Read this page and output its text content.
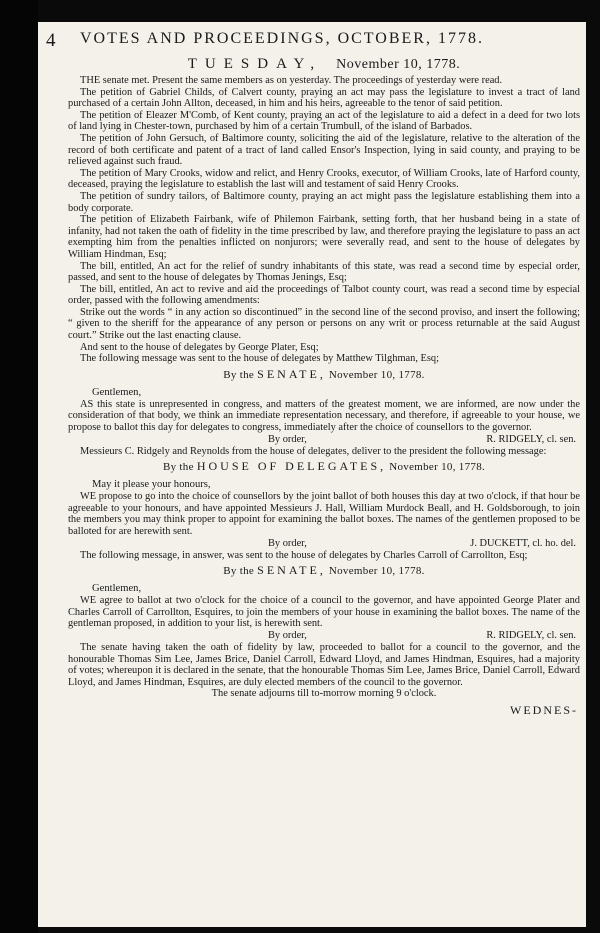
4 VOTES AND PROCEEDINGS, OCTOBER, 1778.
TUESDAY, November 10, 1778.

THE senate met. Present the same members as on yesterday. The proceedings of yesterday were read.

The petition of Gabriel Childs, of Calvert county, praying an act may pass the legislature to invest a tract of land purchased of a certain John Allton, deceased, in him and his heirs, agreeable to the tenor of said petition.

The petition of Eleazer M'Comb, of Kent county, praying an act of the legislature to aid a defect in a deed for two lots of land lying in Chester-town, purchased by him of a certain Trumbull, of the island of Barbados.

The petition of John Gersuch, of Baltimore county, soliciting the aid of the legislature, relative to the alteration of the record of both certificate and patent of a tract of land called Ensor's Inspection, lying in said county, and praying to be relieved against such fraud.

The petition of Mary Crooks, widow and relict, and Henry Crooks, executor, of William Crooks, late of Harford county, deceased, praying the legislature to establish the last will and testament of said Henry Crooks.

The petition of sundry tailors, of Baltimore county, praying an act might pass the legislature establishing them into a body corporate.

The petition of Elizabeth Fairbank, wife of Philemon Fairbank, setting forth, that her husband being in a state of infanity, had not taken the oath of fidelity in the time prescribed by law, and therefore praying the legislature to pass an act exempting him from the penalties inflicted on nonjurors; were severally read, and sent to the house of delegates by William Hindman, Esq;

The bill, entitled, An act for the relief of sundry inhabitants of this state, was read a second time by especial order, passed, and sent to the house of delegates by Thomas Jenings, Esq;

The bill, entitled, An act to revive and aid the proceedings of Talbot county court, was read a second time by especial order, passed with the following amendments:

Strike out the words “ in any action so discontinued” in the second line of the second proviso, and insert the following; “ given to the sheriff for the appearance of any person or persons on any writ or process returnable at the said August court.” Strike out the last enacting clause.

And sent to the house of delegates by George Plater, Esq;

The following message was sent to the house of delegates by Matthew Tilghman, Esq;

By the SENATE, November 10, 1778.
Gentlemen,

AS this state is unrepresented in congress, and matters of the greatest moment, we are informed, are now under the consideration of that body, we think an immediate representation necessary, and therefore, if agreeable to your house, we propose to ballot this day for delegates to congress, immediately after the choice of counsellors to the governor.

By order,	R. RIDGELY, cl. sen.

Messieurs C. Ridgely and Reynolds from the house of delegates, deliver to the president the following message:

By the HOUSE OF DELEGATES, November 10, 1778.
May it please your honours,

WE propose to go into the choice of counsellors by the joint ballot of both houses this day at two o'clock, if that hour be agreeable to your honours, and have appointed Messieurs J. Hall, William Murdock Beall, and H. Goldsborough, to join the members you may think proper to appoint for examining the ballot boxes. The names of the gentlemen proposed to be balloted for are herewith sent.

By order,	J. DUCKETT, cl. ho. del.

The following message, in answer, was sent to the house of delegates by Charles Carroll of Carrollton, Esq;

By the SENATE, November 10, 1778.
Gentlemen,

WE agree to ballot at two o'clock for the choice of a council to the governor, and have appointed George Plater and Charles Carroll of Carrollton, Esquires, to join the members of your house in examining the ballot boxes. The name of the gentleman proposed, in addition to your list, is herewith sent.

By order,	R. RIDGELY, cl. sen.

The senate having taken the oath of fidelity by law, proceeded to ballot for a council to the governor, and the honourable Thomas Sim Lee, James Brice, Daniel Carroll, Edward Lloyd, and James Hindman, Esquires, had a majority of votes; whereupon it is declared in the senate, that the honourable Thomas Sim Lee, James Brice, Daniel Carroll, Edward Lloyd, and James Hindman, Esquires, are duly elected members of the council to the governor.

The senate adjourns till to-morrow morning 9 o'clock.
WEDNES-
